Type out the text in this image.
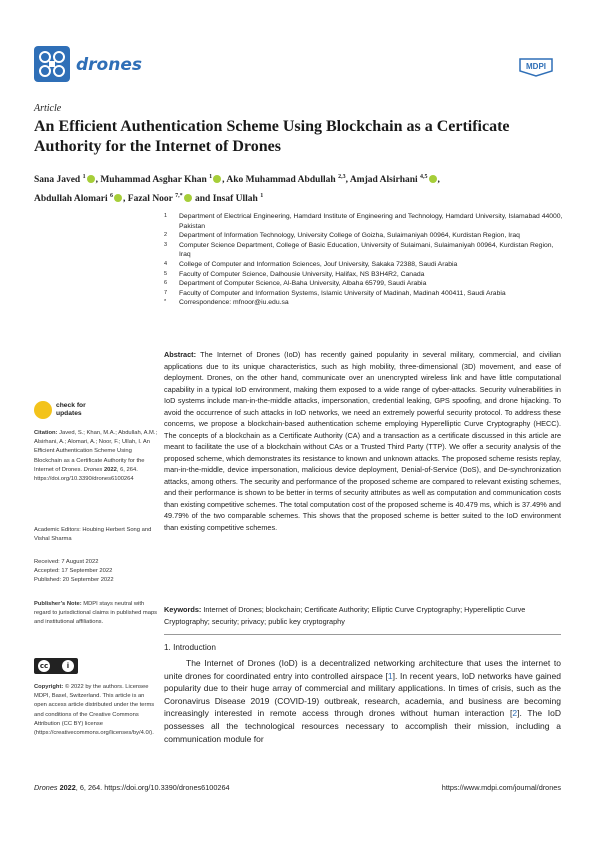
drones	MDPI
Article
An Efficient Authentication Scheme Using Blockchain as a Certificate Authority for the Internet of Drones
Sana Javed $^1$ , Muhammad Asghar Khan $^1$ , Ako Muhammad Abdullah $^{2,3}$, Amjad Alsirhani $^{4,5}$ ,
Abdullah Alomari $^6$ , Fazal Noor $^{7,*}$ and Insaf Ullah $^1$
1 Department of Electrical Engineering, Hamdard Institute of Engineering and Technology, Hamdard University, Islamabad 44000, Pakistan
2 Department of Information Technology, University College of Goizha, Sulaimaniyah 00964, Kurdistan Region, Iraq
3 Computer Science Department, College of Basic Education, University of Sulaimani, Sulaimaniyah 00964, Kurdistan Region, Iraq
4 College of Computer and Information Sciences, Jouf University, Sakaka 72388, Saudi Arabia
5 Faculty of Computer Science, Dalhousie University, Halifax, NS B3H4R2, Canada
6 Department of Computer Science, Al-Baha University, Albaha 65799, Saudi Arabia
7 Faculty of Computer and Information Systems, Islamic University of Madinah, Madinah 400411, Saudi Arabia
* Correspondence: mfnoor@iu.edu.sa
Abstract: The Internet of Drones (IoD) has recently gained popularity in several military, commercial, and civilian applications due to its unique characteristics, such as high mobility, three-dimensional (3D) movement, and ease of deployment. Drones, on the other hand, communicate over an unencrypted wireless link and have little computational capability in a typical IoD environment, making them exposed to a wide range of cyber-attacks. Security vulnerabilities in IoD systems include man-in-the-middle attacks, impersonation, credential leaking, GPS spoofing, and drone hijacking. To avoid the occurrence of such attacks in IoD networks, we need an extremely powerful security protocol. To address these concerns, we propose a blockchain-based authentication scheme employing Hyperelliptic Curve Cryptography (HECC). The concepts of a blockchain as a Certificate Authority (CA) and a transaction as a certificate discussed in this article are meant to facilitate the use of a blockchain without CAs or a Trusted Third Party (TTP). We offer a security analysis of the proposed scheme, which demonstrates its resistance to known and unknown attacks. The proposed scheme resists replay, man-in-the-middle, device impersonation, malicious device deployment, Denial-of-Service (DoS), and De-synchronization attacks, among others. The security and performance of the proposed scheme are compared to relevant existing schemes, and their performance is shown to be better in terms of security attributes as well as computation and communication costs than existing competitive schemes. The total computation cost of the proposed scheme is 40.479 ms, which is 37.49% and 49.79% of the two comparable schemes. This shows that the proposed scheme is better suited to the IoD environment than existing competitive schemes.
Keywords: Internet of Drones; blockchain; Certificate Authority; Elliptic Curve Cryptography; Hyperelliptic Curve Cryptography; security; privacy; public key cryptography
1. Introduction
The Internet of Drones (IoD) is a decentralized networking architecture that uses the internet to unite drones for coordinated entry into controlled airspace [1]. In recent years, IoD networks have gained popularity due to their huge array of commercial and military applications. In times of crisis, such as the Coronavirus Disease 2019 (COVID-19) outbreak, research, academia, and business are becoming increasingly interested in remote access through drones without human interaction [2]. The IoD possesses all the technological resources necessary to accomplish their mission, including a communication module for
check for
updates
Citation: Javed, S.; Khan, M.A.; Abdullah, A.M.; Alsirhani, A.; Alomari, A.; Noor, F.; Ullah, I. An Efficient Authentication Scheme Using Blockchain as a Certificate Authority for the Internet of Drones. Drones 2022, 6, 264. https://doi.org/10.3390/drones6100264
Academic Editors: Houbing Herbert Song and Vishal Sharma
Received: 7 August 2022
Accepted: 17 September 2022
Published: 20 September 2022
Publisher’s Note: MDPI stays neutral with regard to jurisdictional claims in published maps and institutional affiliations.
cc	i
Copyright: © 2022 by the authors. Licensee MDPI, Basel, Switzerland. This article is an open access article distributed under the terms and conditions of the Creative Commons Attribution (CC BY) license (https://creativecommons.org/licenses/by/4.0/).
Drones 2022, 6, 264. https://doi.org/10.3390/drones6100264	https://www.mdpi.com/journal/drones
